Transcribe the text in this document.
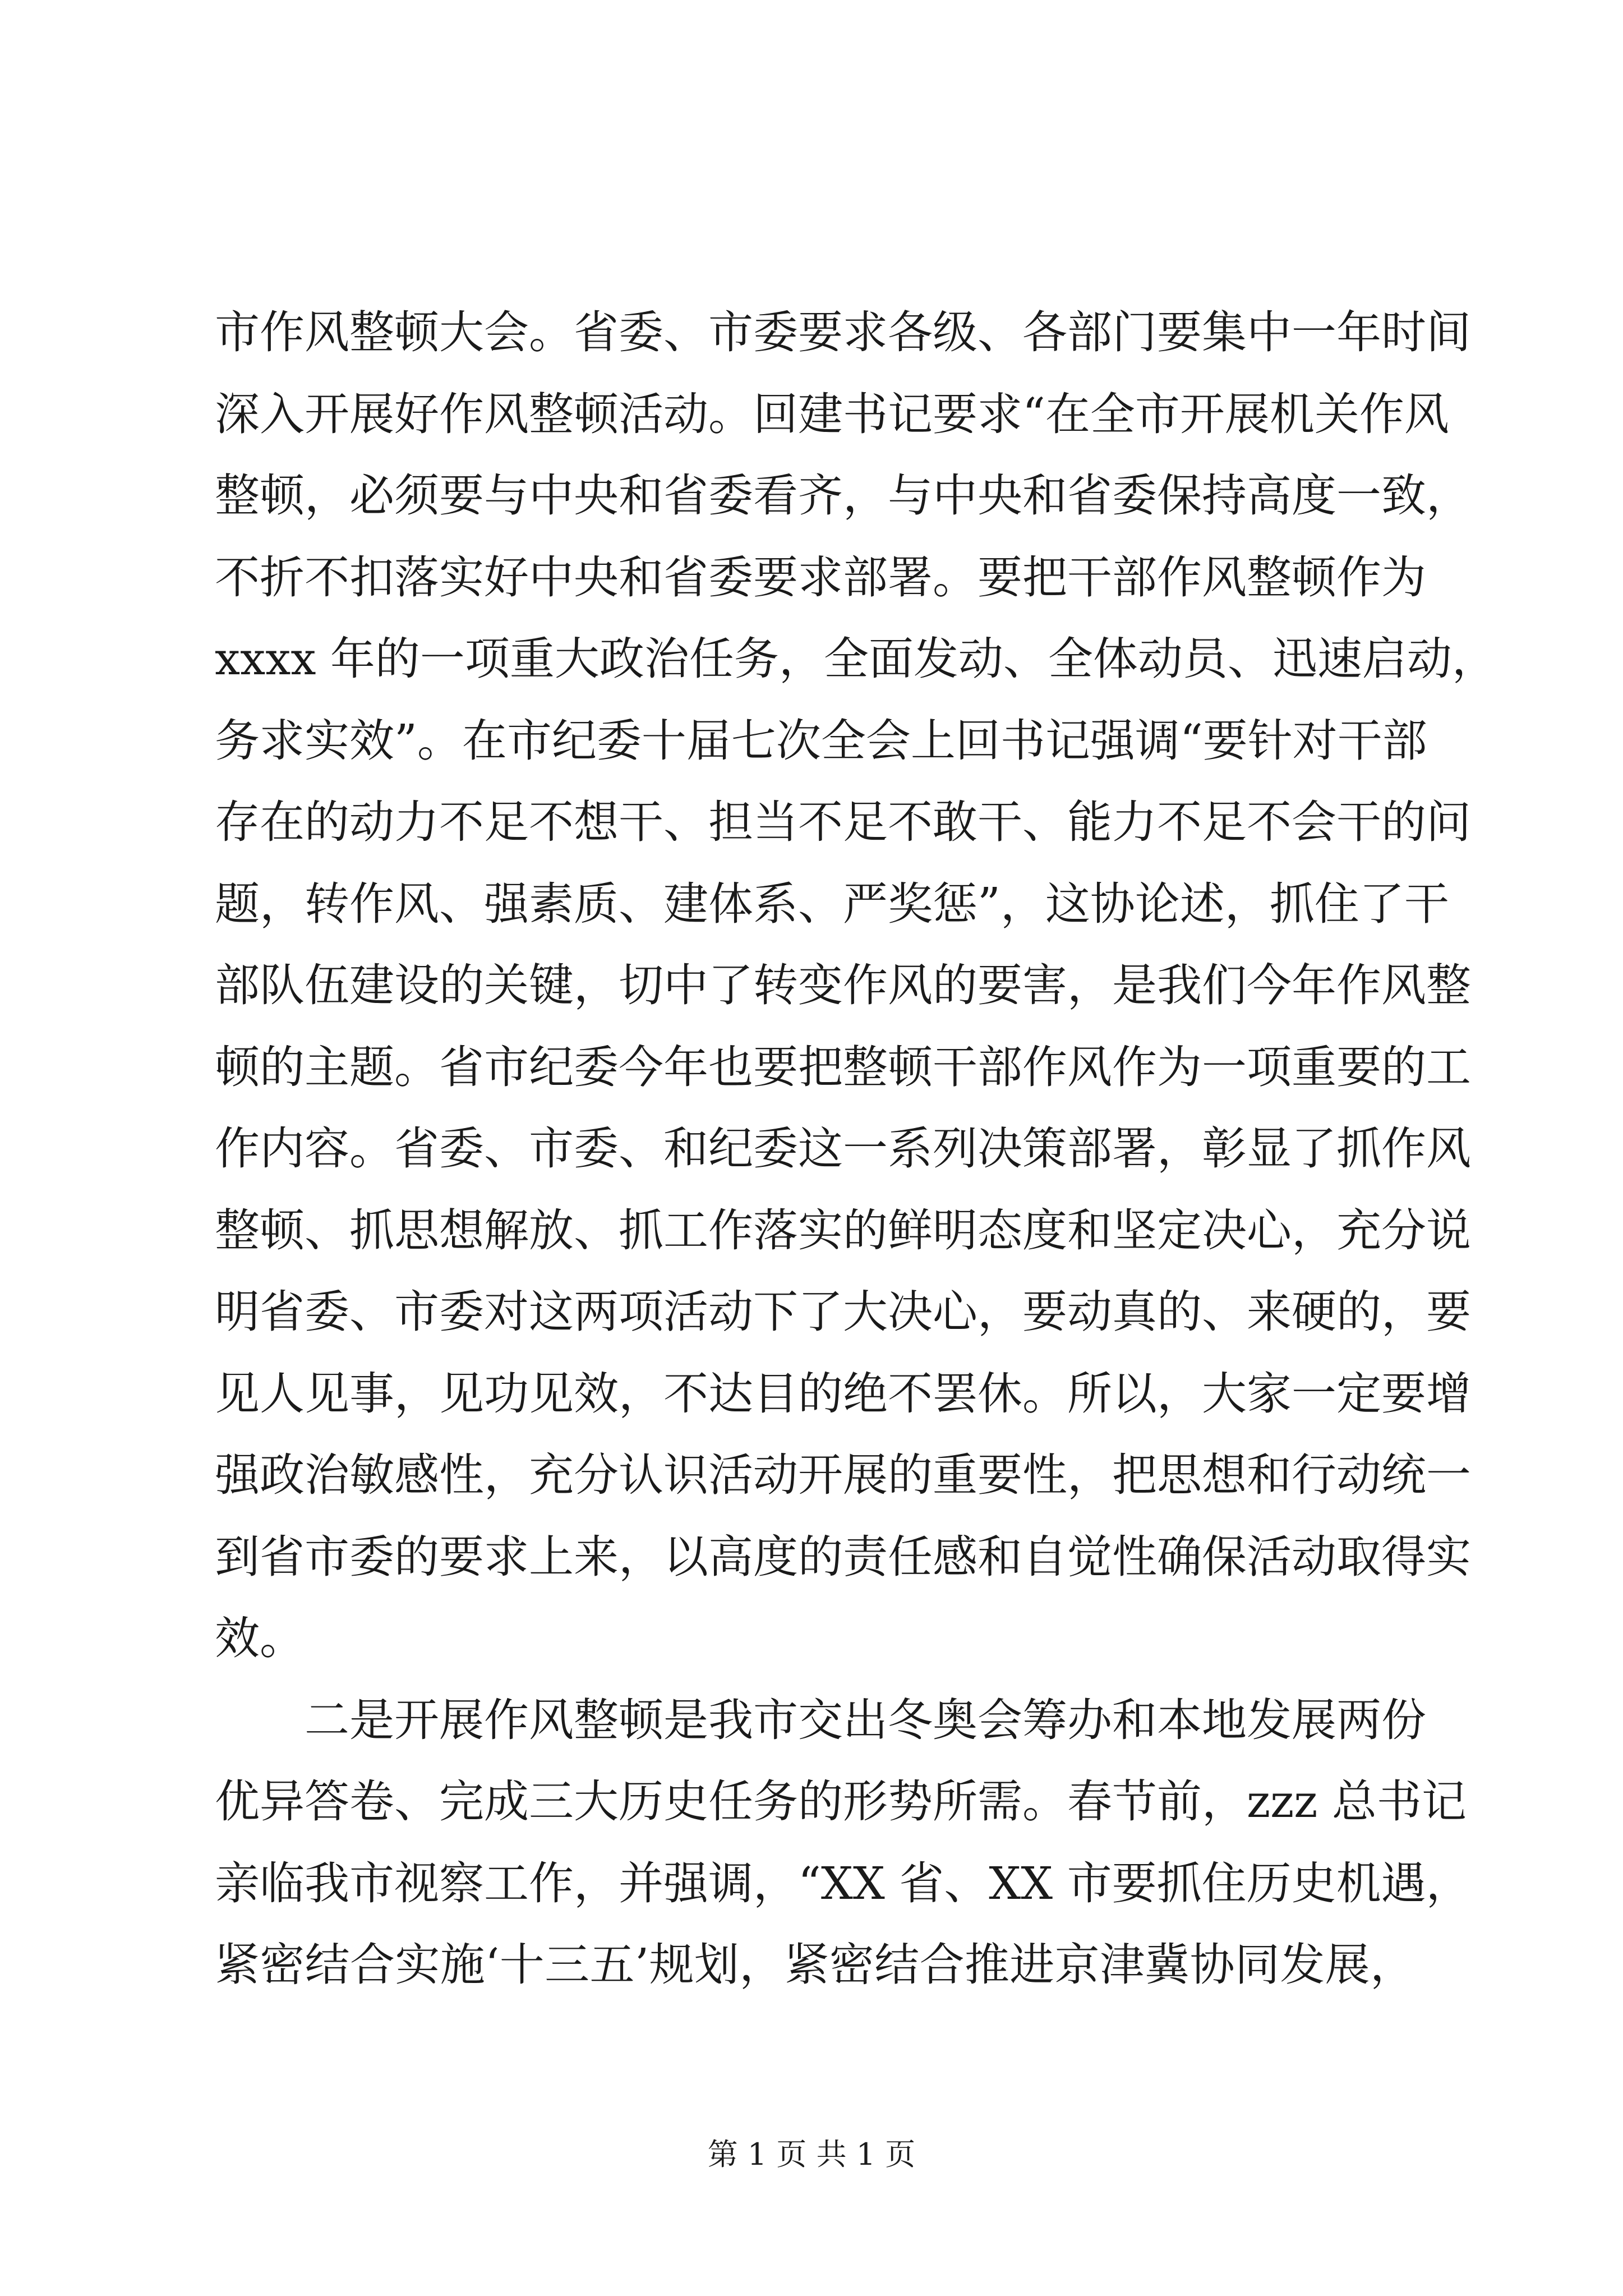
市作风整顿大会。省委、市委要求各级、各部门要集中一年时间
深入开展好作风整顿活动。回建书记要求“在全市开展机关作风
整顿，必须要与中央和省委看齐，与中央和省委保持高度一致，
不折不扣落实好中央和省委要求部署。要把干部作风整顿作为
xxxx 年的一项重大政治任务，全面发动、全体动员、迅速启动，
务求实效”。在市纪委十届七次全会上回书记强调“要针对干部
存在的动力不足不想干、担当不足不敢干、能力不足不会干的问
题，转作风、强素质、建体系、严奖惩”，这协论述，抓住了干
部队伍建设的关键，切中了转变作风的要害，是我们今年作风整
顿的主题。省市纪委今年也要把整顿干部作风作为一项重要的工
作内容。省委、市委、和纪委这一系列决策部署，彰显了抓作风
整顿、抓思想解放、抓工作落实的鲜明态度和坚定决心，充分说
明省委、市委对这两项活动下了大决心，要动真的、来硬的，要
见人见事，见功见效，不达目的绝不罢休。所以，大家一定要增
强政治敏感性，充分认识活动开展的重要性，把思想和行动统一
到省市委的要求上来，以高度的责任感和自觉性确保活动取得实
效。
　　二是开展作风整顿是我市交出冬奥会筹办和本地发展两份
优异答卷、完成三大历史任务的形势所需。春节前，zzz 总书记
亲临我市视察工作，并强调，“XX 省、XX 市要抓住历史机遇，
紧密结合实施‘十三五’规划，紧密结合推进京津冀协同发展，
第 1 页 共 1 页
